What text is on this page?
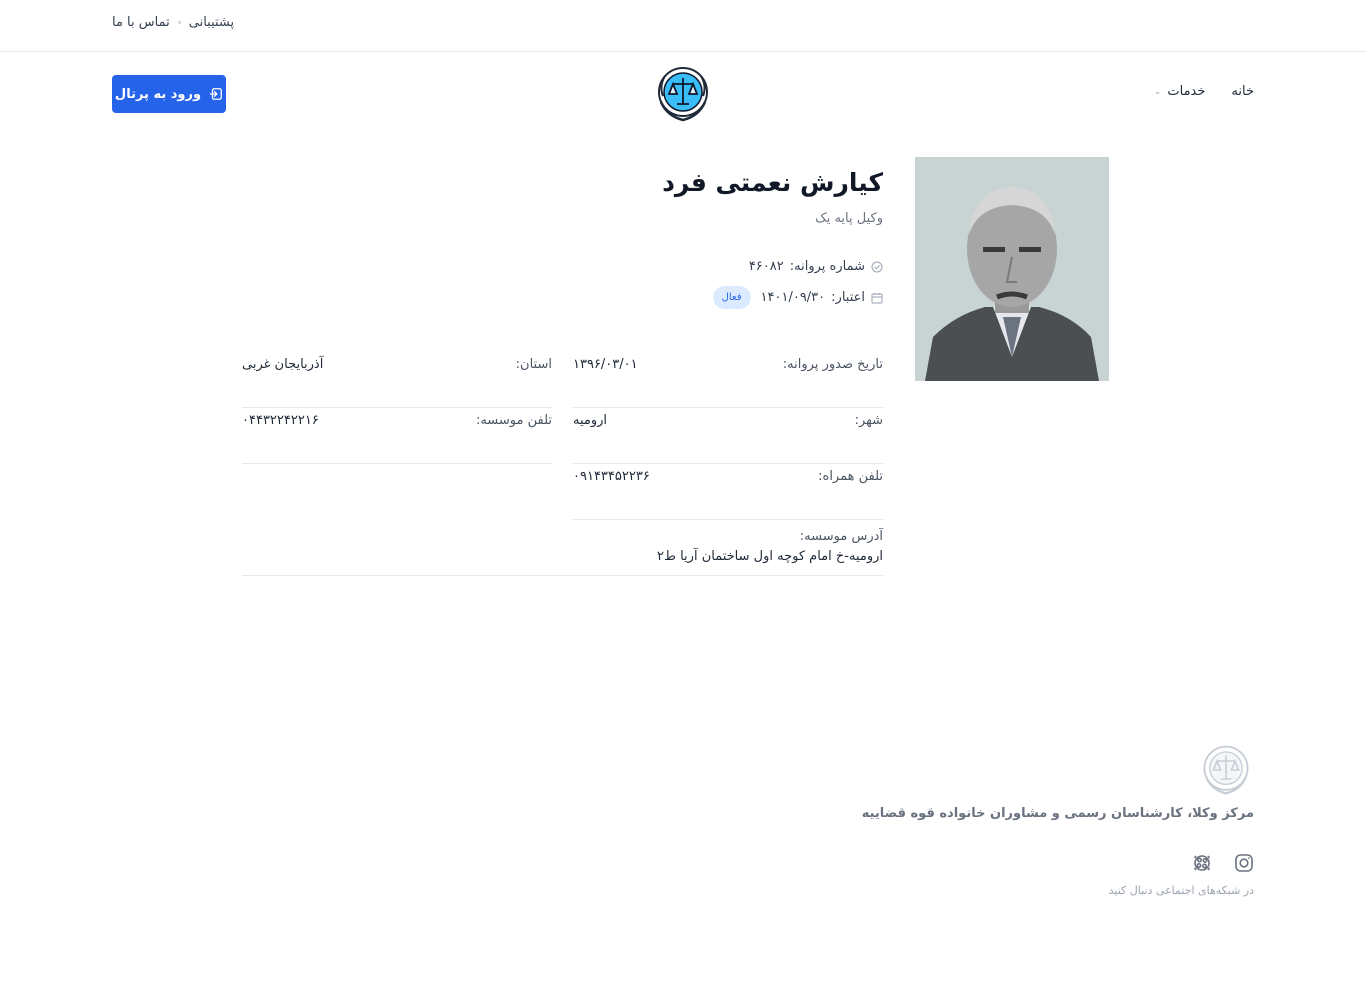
پشتیبانی
تماس با ما
خانه
خدمات
⌄
ورود به پرتال
کیارش نعمتی فرد
وکیل پایه یک
شماره پروانه:
۴۶۰۸۲
اعتبار:
۱۴۰۱/۰۹/۳۰
فعال
تاریخ صدور پروانه:
۱۳۹۶/۰۳/۰۱
استان:
آذربایجان غربی
شهر:
ارومیه
تلفن موسسه:
۰۴۴۳۲۲۴۲۲۱۶
تلفن همراه:
۰۹۱۴۳۴۵۲۲۳۶
آدرس موسسه:
ارومیه-خ امام کوچه اول ساختمان آریا ط۲
مرکز وکلا، کارشناسان رسمی و مشاوران خانواده قوه قضاییه
در شبکه‌های اجتماعی دنبال کنید
